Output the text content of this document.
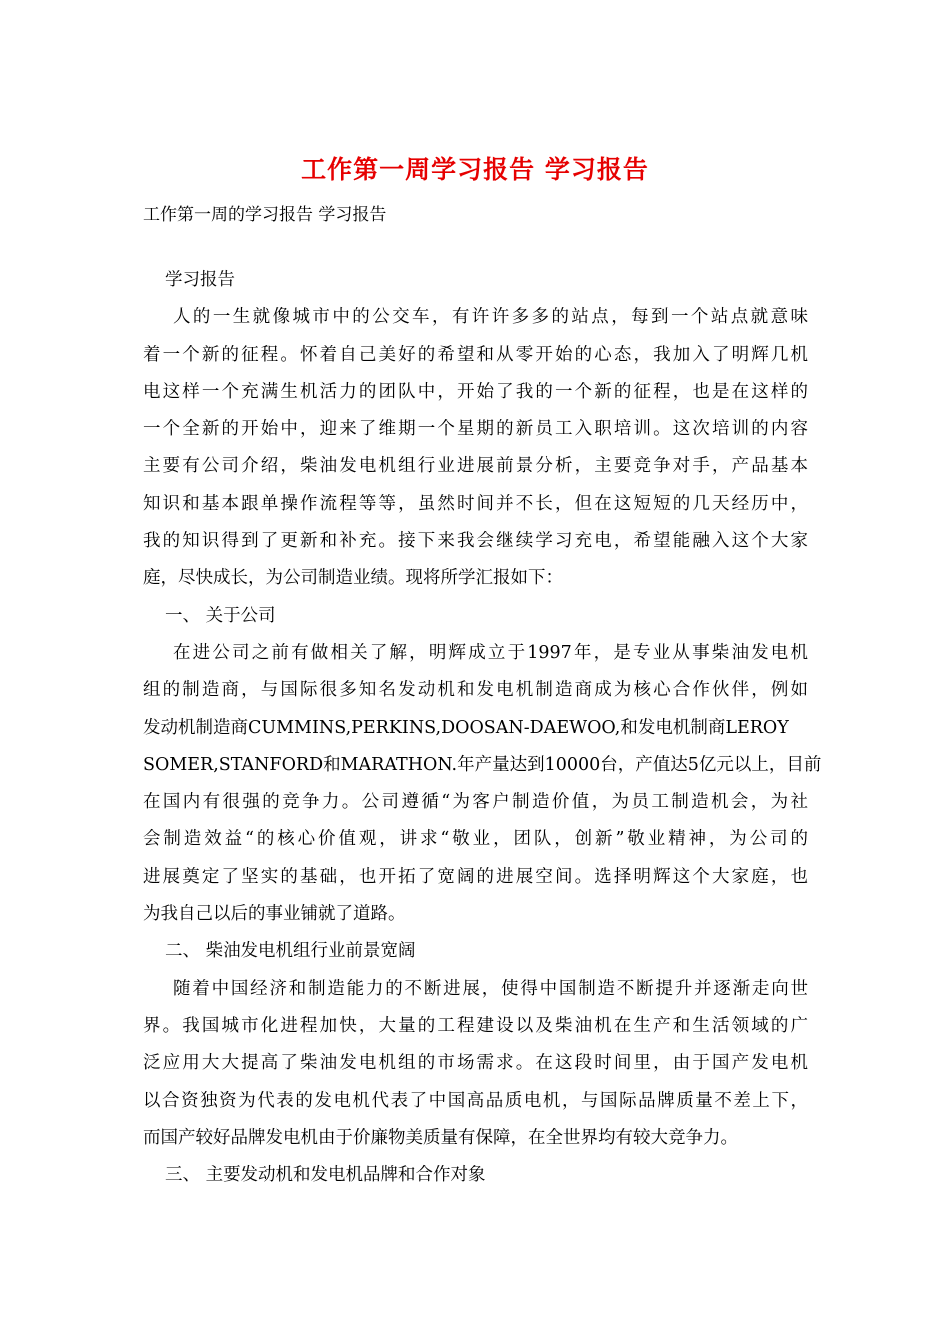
工作第一周学习报告 学习报告
工作第一周的学习报告 学习报告
学习报告
人的一生就像城市中的公交车，有许许多多的站点，每到一个站点就意味
着一个新的征程。怀着自己美好的希望和从零开始的心态，我加入了明辉几机
电这样一个充满生机活力的团队中，开始了我的一个新的征程，也是在这样的
一个全新的开始中，迎来了维期一个星期的新员工入职培训。这次培训的内容
主要有公司介绍，柴油发电机组行业进展前景分析，主要竞争对手，产品基本
知识和基本跟单操作流程等等，虽然时间并不长，但在这短短的几天经历中，
我的知识得到了更新和补充。接下来我会继续学习充电，希望能融入这个大家
庭，尽快成长，为公司制造业绩。现将所学汇报如下：
一、 关于公司
在进公司之前有做相关了解，明辉成立于1997年，是专业从事柴油发电机
组的制造商，与国际很多知名发动机和发电机制造商成为核心合作伙伴，例如
发动机制造商CUMMINS,PERKINS,DOOSAN-DAEWOO,和发电机制商LEROY
SOMER,STANFORD和MARATHON.年产量达到10000台，产值达5亿元以上，目前
在国内有很强的竞争力。公司遵循“为客户制造价值，为员工制造机会，为社
会制造效益“的核心价值观，讲求“敬业，团队，创新”敬业精神，为公司的
进展奠定了坚实的基础，也开拓了宽阔的进展空间。选择明辉这个大家庭，也
为我自己以后的事业铺就了道路。
二、 柴油发电机组行业前景宽阔
随着中国经济和制造能力的不断进展，使得中国制造不断提升并逐渐走向世
界。我国城市化进程加快，大量的工程建设以及柴油机在生产和生活领域的广
泛应用大大提高了柴油发电机组的市场需求。在这段时间里，由于国产发电机
以合资独资为代表的发电机代表了中国高品质电机，与国际品牌质量不差上下，
而国产较好品牌发电机由于价廉物美质量有保障，在全世界均有较大竞争力。
三、 主要发动机和发电机品牌和合作对象
